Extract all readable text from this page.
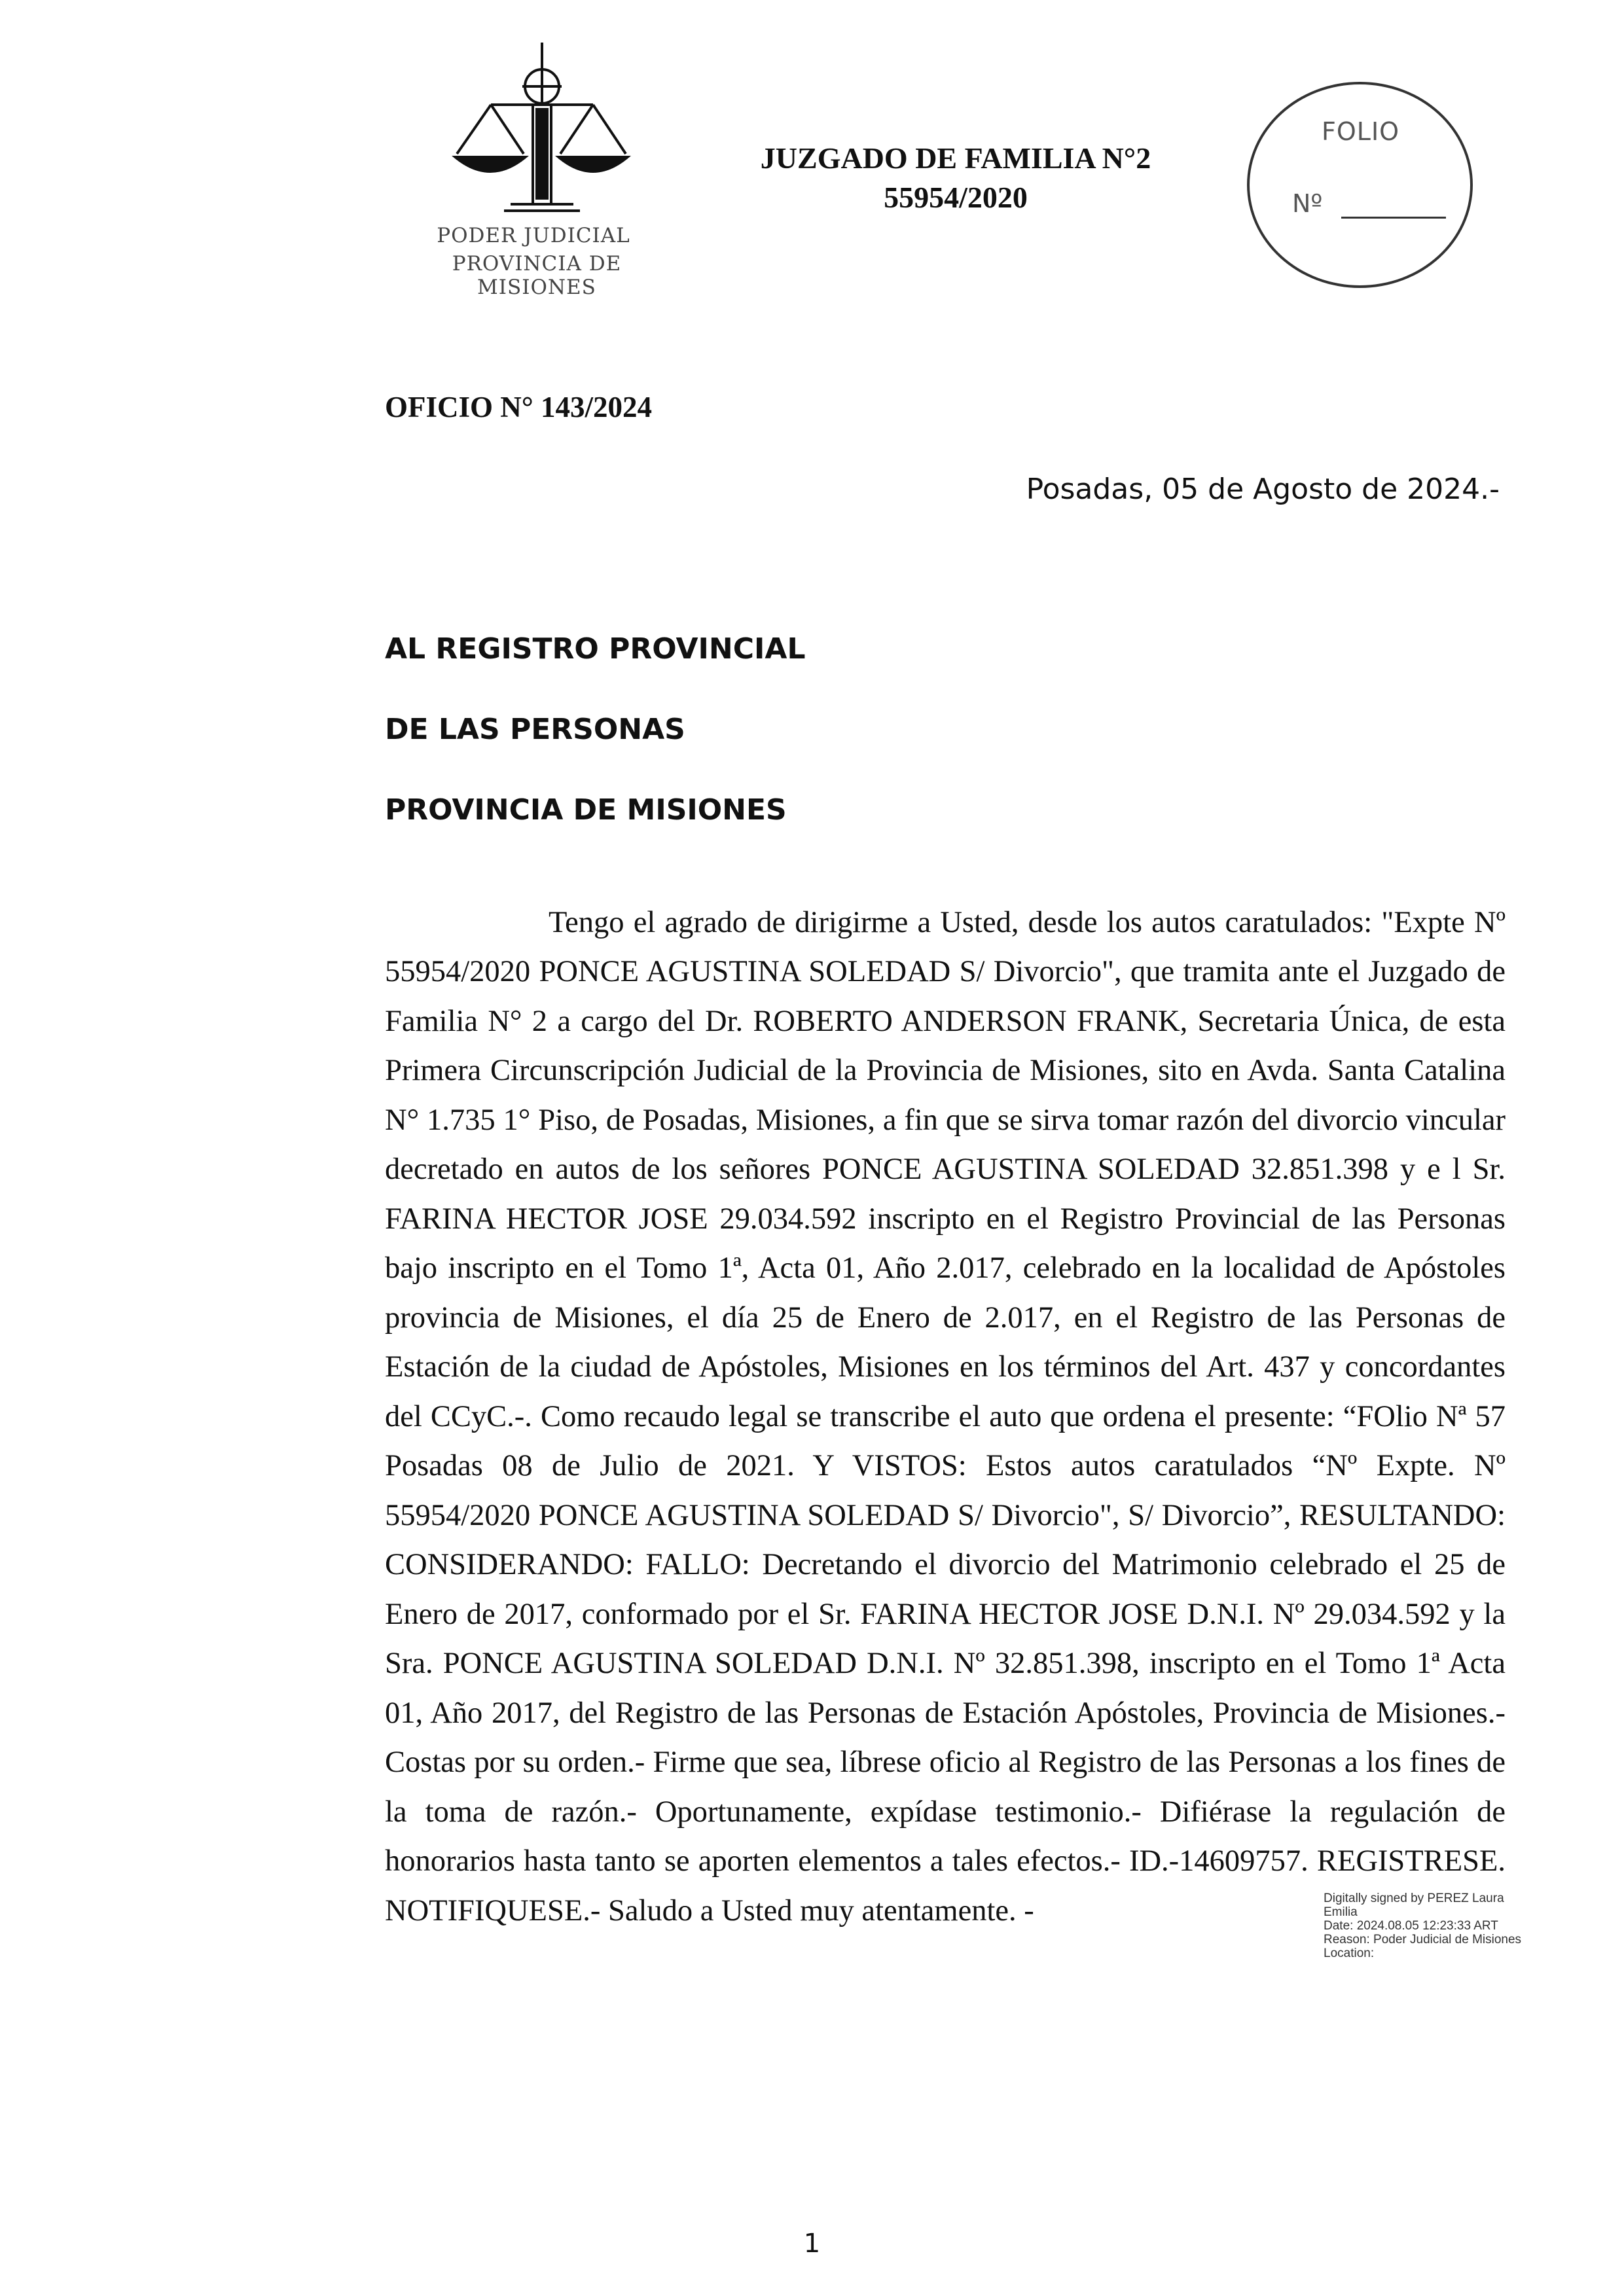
PODER JUDICIAL
PROVINCIA DE MISIONES
JUZGADO DE FAMILIA N°2
55954/2020
FOLIO
Nº
OFICIO N° 143/2024
Posadas, 05 de Agosto de 2024.-
AL REGISTRO PROVINCIAL
DE LAS PERSONAS
PROVINCIA DE MISIONES

Tengo el agrado de dirigirme a Usted, desde los autos caratulados: "Expte Nº 55954/2020 PONCE AGUSTINA SOLEDAD S/ Divorcio", que tramita ante el Juzgado de Familia N° 2 a cargo del Dr. ROBERTO ANDERSON FRANK, Secretaria Única, de esta Primera Circunscripción Judicial de la Provincia de Misiones, sito en Avda. Santa Catalina N° 1.735 1° Piso, de Posadas, Misiones, a fin que se sirva tomar razón del divorcio vincular decretado en autos de los señores PONCE AGUSTINA SOLEDAD 32.851.398 y e l Sr. FARINA HECTOR JOSE 29.034.592 inscripto en el Registro Provincial de las Personas bajo inscripto en el Tomo 1ª, Acta 01, Año 2.017, celebrado en la localidad de Apóstoles provincia de Misiones, el día 25 de Enero de 2.017, en el Registro de las Personas de Estación de la ciudad de Apóstoles, Misiones en los términos del Art. 437 y concordantes del CCyC.-. Como recaudo legal se transcribe el auto que ordena el presente: “FOlio Nª 57 Posadas 08 de Julio de 2021. Y VISTOS: Estos autos caratulados “Nº Expte. Nº 55954/2020 PONCE AGUSTINA SOLEDAD S/ Divorcio", S/ Divorcio”, RESULTANDO: CONSIDERANDO: FALLO: Decretando el divorcio del Matrimonio celebrado el 25 de Enero de 2017, conformado por el Sr. FARINA HECTOR JOSE D.N.I. Nº 29.034.592 y la Sra. PONCE AGUSTINA SOLEDAD D.N.I. Nº 32.851.398, inscripto en el Tomo 1ª Acta 01, Año 2017, del Registro de las Personas de Estación Apóstoles, Provincia de Misiones.- Costas por su orden.- Firme que sea, líbrese oficio al Registro de las Personas a los fines de la toma de razón.- Oportunamente, expídase testimonio.- Difiérase la regulación de honorarios hasta tanto se aporten elementos a tales efectos.- ID.-14609757. REGISTRESE. NOTIFIQUESE.- Saludo a Usted muy atentamente. -	Digitally signed by PEREZ Laura
Emilia
Date: 2024.08.05 12:23:33 ART
Reason: Poder Judicial de Misiones
Location:
1
